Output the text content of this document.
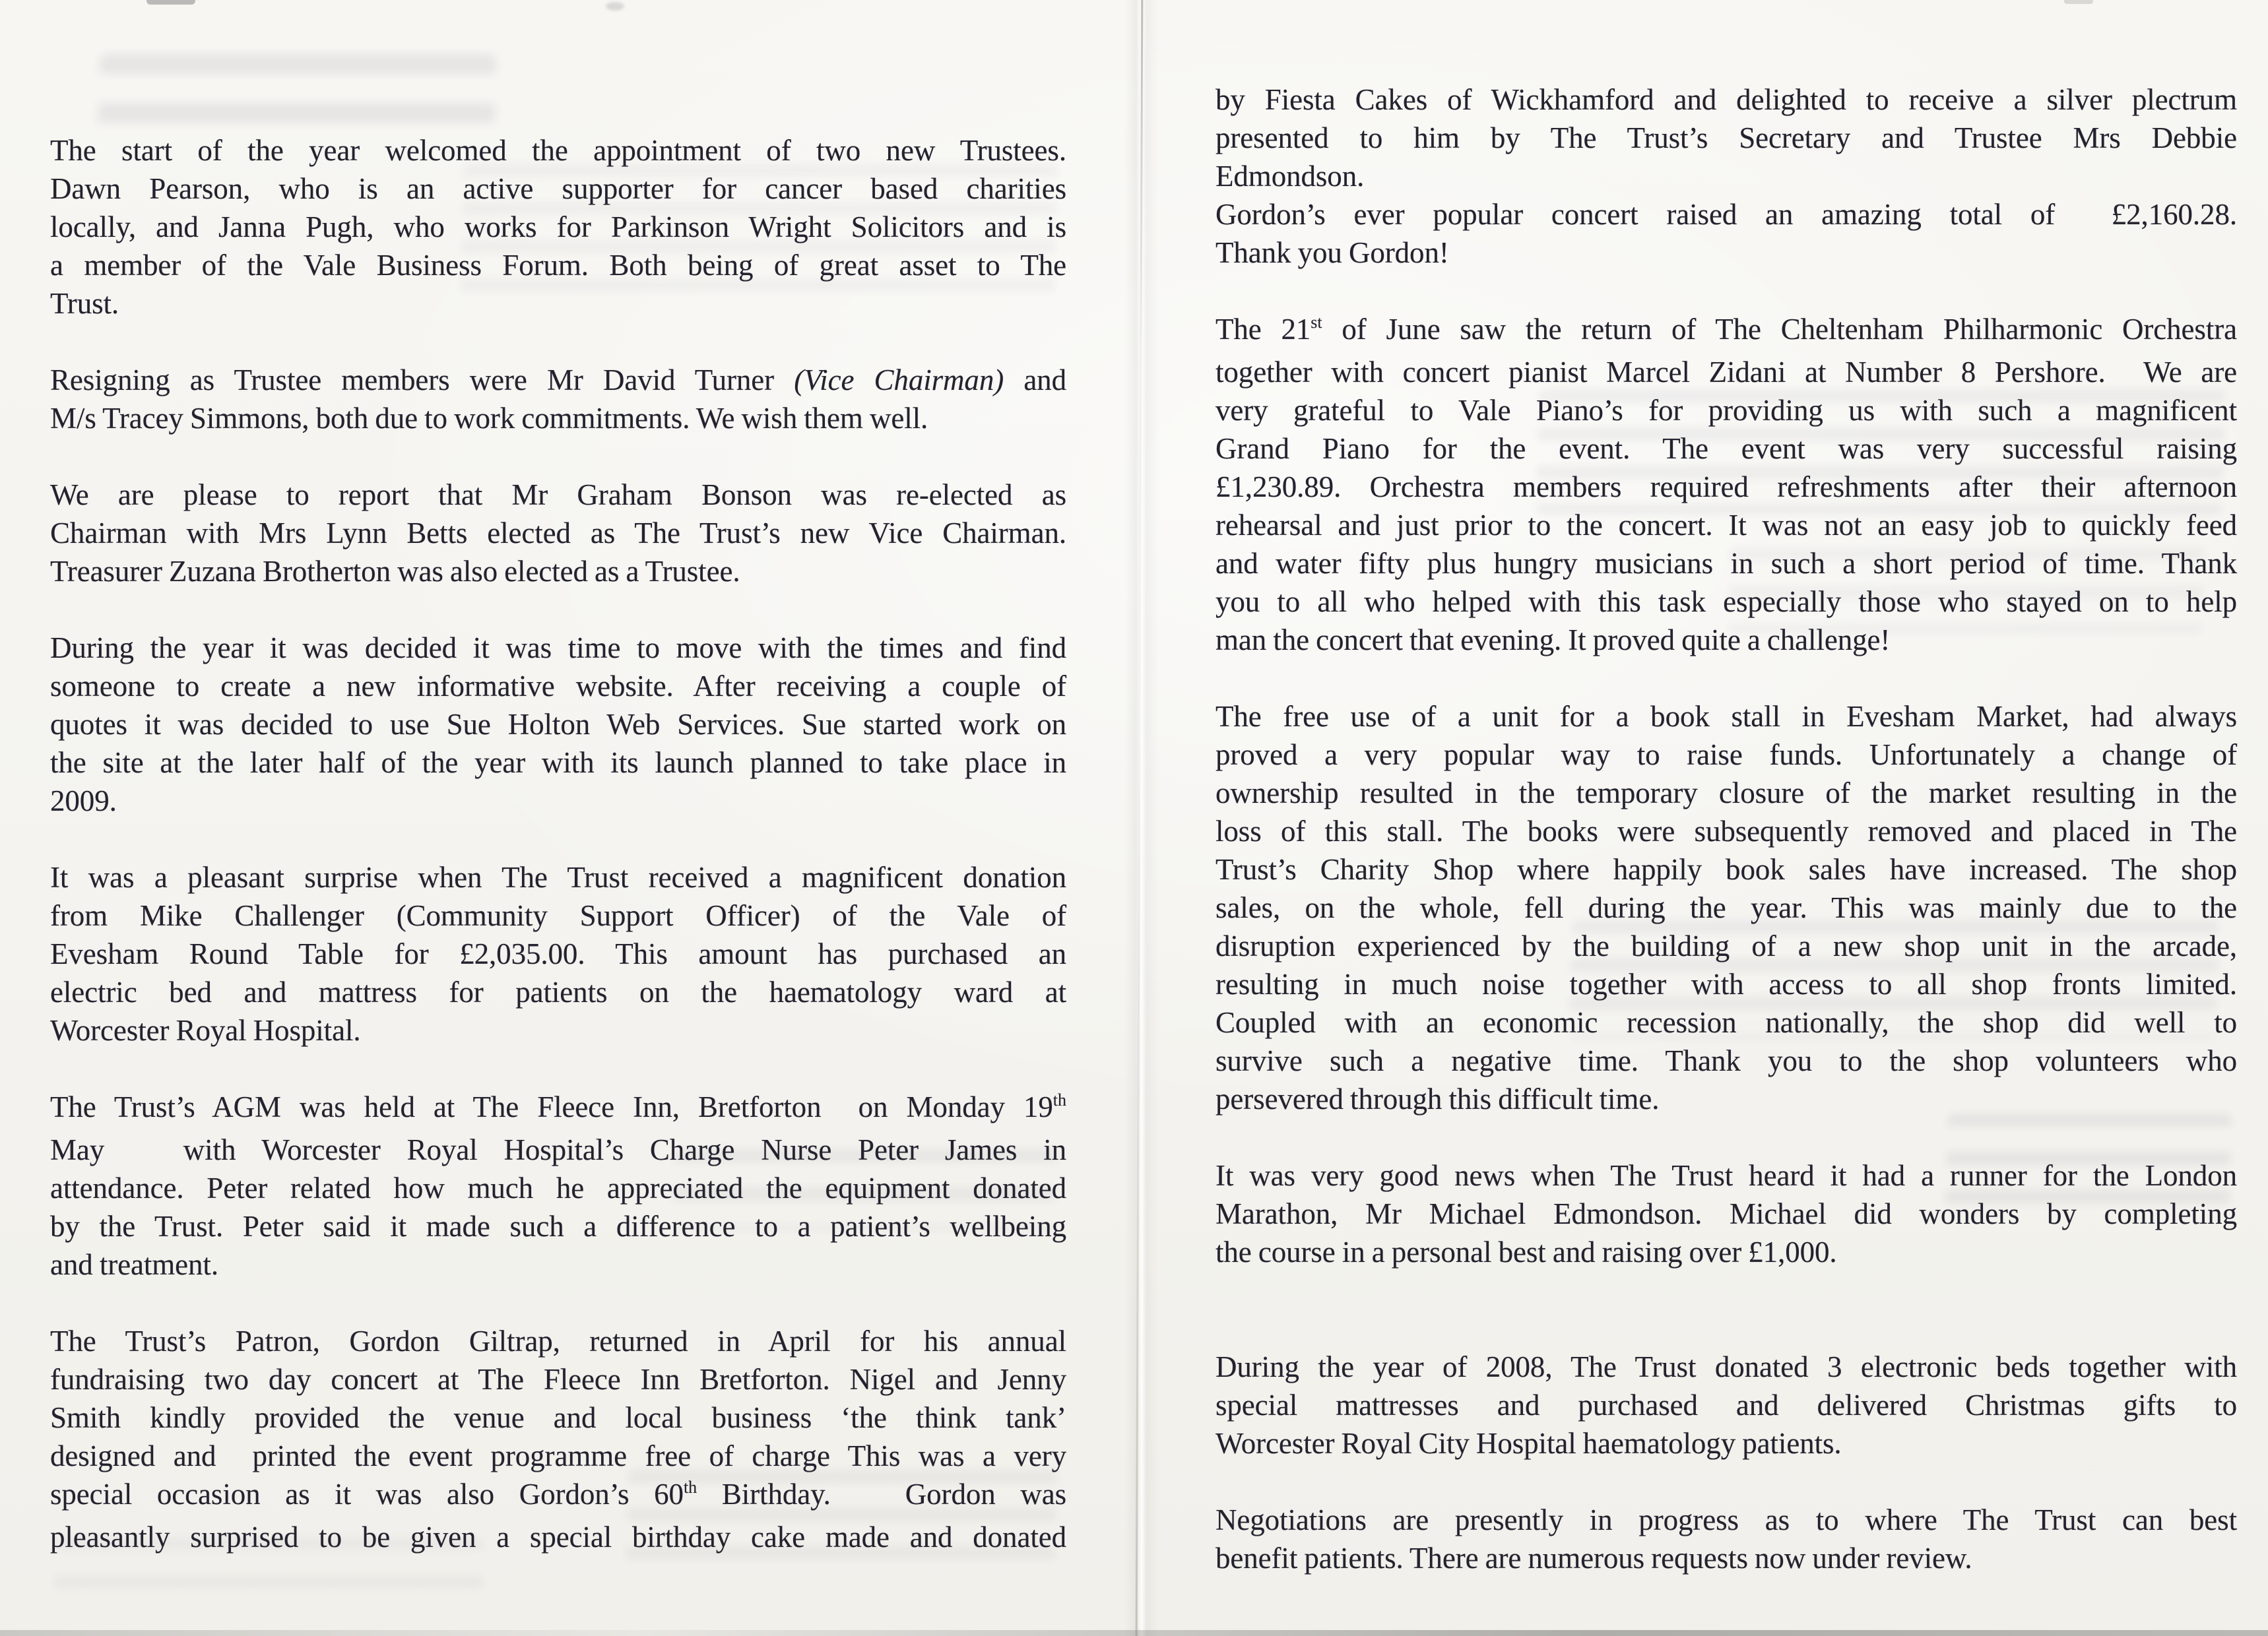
The start of the year welcomed the appointment of two new Trustees.
Dawn Pearson, who is an active supporter for cancer based charities
locally, and Janna Pugh, who works for Parkinson Wright Solicitors and is
a member of the Vale Business Forum. Both being of great asset to The
Trust.
Resigning as Trustee members were Mr David Turner (Vice Chairman) and
M/s Tracey Simmons, both due to work commitments. We wish them well.
We are please to report that Mr Graham Bonson was re-elected as
Chairman with Mrs Lynn Betts elected as The Trust’s new Vice Chairman.
Treasurer Zuzana Brotherton was also elected as a Trustee.
During the year it was decided it was time to move with the times and find
someone to create a new informative website. After receiving a couple of
quotes it was decided to use Sue Holton Web Services. Sue started work on
the site at the later half of the year with its launch planned to take place in
2009.
It was a pleasant surprise when The Trust received a magnificent donation
from Mike Challenger (Community Support Officer) of the Vale of
Evesham Round Table for £2,035.00. This amount has purchased an
electric bed and mattress for patients on the haematology ward at
Worcester Royal Hospital.
The Trust’s AGM was held at The Fleece Inn, Bretforton  on Monday 19th
May   with Worcester Royal Hospital’s Charge Nurse Peter James in
attendance. Peter related how much he appreciated the equipment donated
by the Trust. Peter said it made such a difference to a patient’s wellbeing
and treatment.
The Trust’s Patron, Gordon Giltrap, returned in April for his annual
fundraising two day concert at The Fleece Inn Bretforton. Nigel and Jenny
Smith kindly provided the venue and local business ‘the think tank’
designed and  printed the event programme free of charge This was a very
special occasion as it was also Gordon’s 60th Birthday.   Gordon was
pleasantly surprised to be given a special birthday cake made and donated
by Fiesta Cakes of Wickhamford and delighted to receive a silver plectrum
presented to him by The Trust’s Secretary and Trustee Mrs Debbie
Edmondson.
Gordon’s ever popular concert raised an amazing total of  £2,160.28.
Thank you Gordon!
The 21st of June saw the return of The Cheltenham Philharmonic Orchestra
together with concert pianist Marcel Zidani at Number 8 Pershore.  We are
very grateful to Vale Piano’s for providing us with such a magnificent
Grand Piano for the event. The event was very successful raising
£1,230.89. Orchestra members required refreshments after their afternoon
rehearsal and just prior to the concert. It was not an easy job to quickly feed
and water fifty plus hungry musicians in such a short period of time. Thank
you to all who helped with this task especially those who stayed on to help
man the concert that evening. It proved quite a challenge!
The free use of a unit for a book stall in Evesham Market, had always
proved a very popular way to raise funds. Unfortunately a change of
ownership resulted in the temporary closure of the market resulting in the
loss of this stall. The books were subsequently removed and placed in The
Trust’s Charity Shop where happily book sales have increased. The shop
sales, on the whole, fell during the year. This was mainly due to the
disruption experienced by the building of a new shop unit in the arcade,
resulting in much noise together with access to all shop fronts limited.
Coupled with an economic recession nationally, the shop did well to
survive such a negative time. Thank you to the shop volunteers who
persevered through this difficult time.
It was very good news when The Trust heard it had a runner for the London
Marathon, Mr Michael Edmondson. Michael did wonders by completing
the course in a personal best and raising over £1,000.
During the year of 2008, The Trust donated 3 electronic beds together with
special mattresses and purchased and delivered Christmas gifts to
Worcester Royal City Hospital haematology patients.
Negotiations are presently in progress as to where The Trust can best
benefit patients. There are numerous requests now under review.
